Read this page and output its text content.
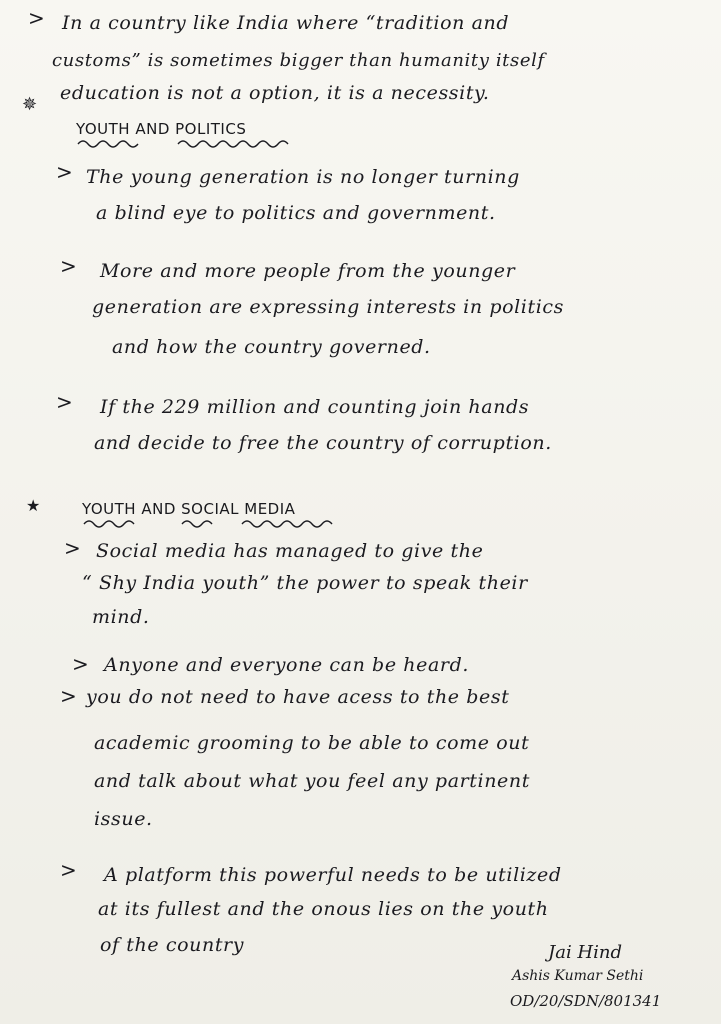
> In a country like India where “tradition and
customs” is sometimes bigger than humanity itself
✵
education is not a option, it is a necessity.
YOUTH AND POLITICS
> The young generation is no longer turning
a blind eye to politics and government.
> More and more people from the younger
generation are expressing interests in politics
and how the country governed.
> If the 229 million and counting join hands
and decide to free the country of corruption.
★	YOUTH AND SOCIAL MEDIA
> Social media has managed to give the
“ Shy India youth” the power to speak their
mind.
> Anyone and everyone can be heard.
> you do not need to have acess to the best
academic grooming to be able to come out
and talk about what you feel any partinent
issue.
> A platform this powerful needs to be utilized
at its fullest and the onous lies on the youth
of the country	Jai Hind
Ashis Kumar Sethi
OD/20/SDN/801341
